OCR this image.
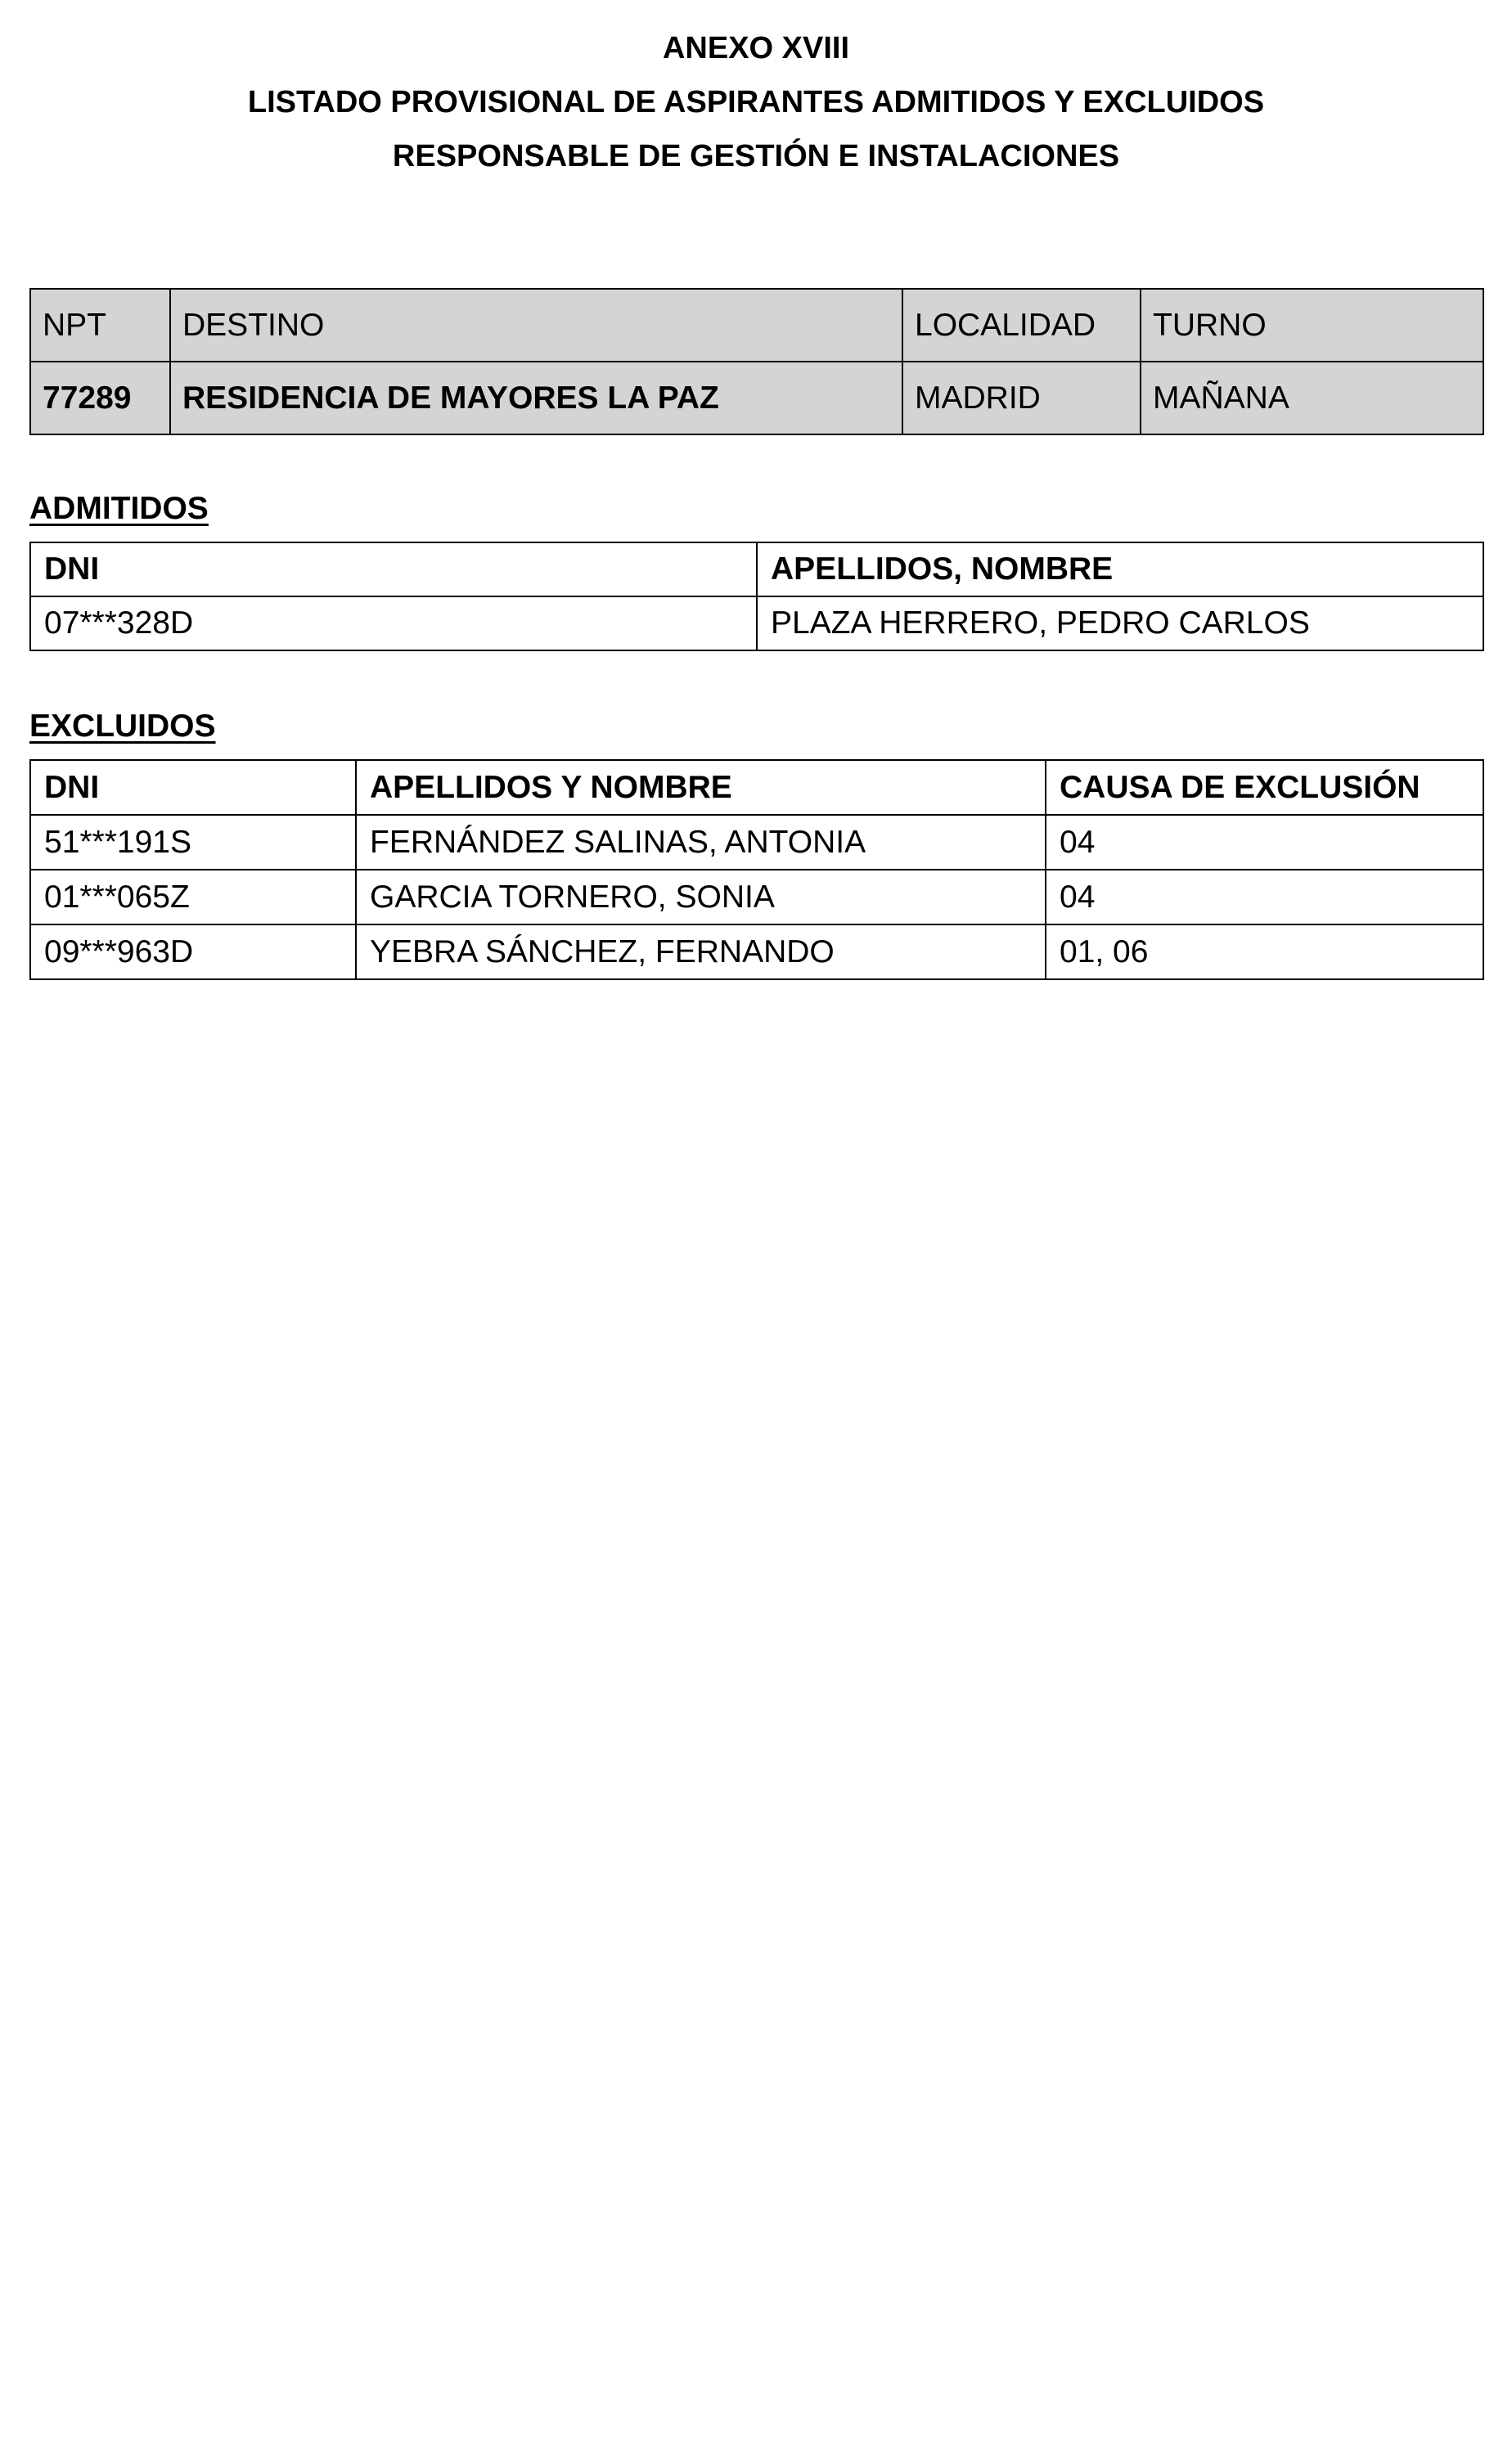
ANEXO XVIII
LISTADO PROVISIONAL DE ASPIRANTES ADMITIDOS Y EXCLUIDOS
RESPONSABLE DE GESTIÓN E INSTALACIONES
NPT	DESTINO	LOCALIDAD	TURNO
77289	RESIDENCIA DE MAYORES LA PAZ	MADRID	MAÑANA
ADMITIDOS
DNI	APELLIDOS, NOMBRE
07***328D	PLAZA HERRERO, PEDRO CARLOS
EXCLUIDOS
DNI	APELLIDOS Y NOMBRE	CAUSA DE EXCLUSIÓN
51***191S	FERNÁNDEZ SALINAS, ANTONIA	04
01***065Z	GARCIA TORNERO, SONIA	04
09***963D	YEBRA SÁNCHEZ, FERNANDO	01, 06
